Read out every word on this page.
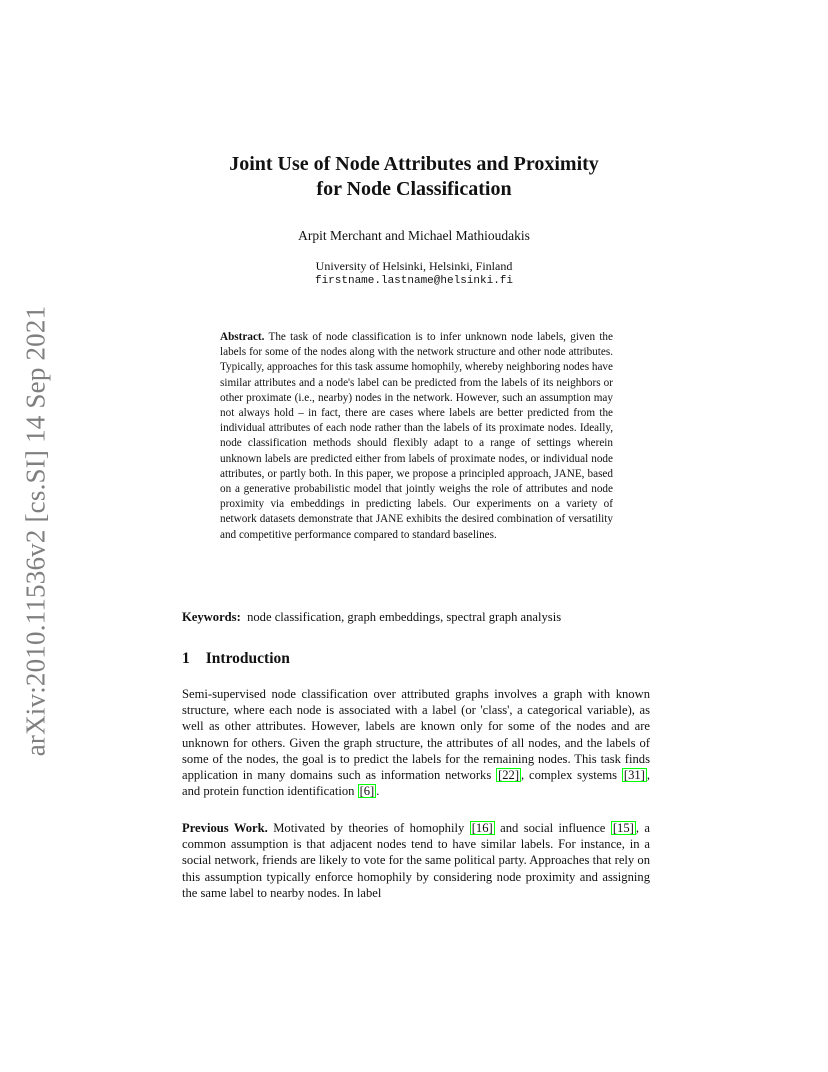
arXiv:2010.11536v2 [cs.SI] 14 Sep 2021
Joint Use of Node Attributes and Proximity
for Node Classification
Arpit Merchant and Michael Mathioudakis
University of Helsinki, Helsinki, Finland
firstname.lastname@helsinki.fi
Abstract. The task of node classification is to infer unknown node labels, given the labels for some of the nodes along with the network structure and other node attributes. Typically, approaches for this task assume homophily, whereby neighboring nodes have similar attributes and a node's label can be predicted from the labels of its neighbors or other proximate (i.e., nearby) nodes in the network. However, such an assumption may not always hold – in fact, there are cases where labels are better predicted from the individual attributes of each node rather than the labels of its proximate nodes. Ideally, node classification methods should flexibly adapt to a range of settings wherein unknown labels are predicted either from labels of proximate nodes, or individual node attributes, or partly both. In this paper, we propose a principled approach, JANE, based on a generative probabilistic model that jointly weighs the role of attributes and node proximity via embeddings in predicting labels. Our experiments on a variety of network datasets demonstrate that JANE exhibits the desired combination of versatility and competitive performance compared to standard baselines.
Keywords: node classification, graph embeddings, spectral graph analysis
1 Introduction
Semi-supervised node classification over attributed graphs involves a graph with known structure, where each node is associated with a label (or 'class', a categorical variable), as well as other attributes. However, labels are known only for some of the nodes and are unknown for others. Given the graph structure, the attributes of all nodes, and the labels of some of the nodes, the goal is to predict the labels for the remaining nodes. This task finds application in many domains such as information networks [22] , complex systems [31] , and protein function identification [6] .
Previous Work. Motivated by theories of homophily [16] and social influence [15] , a common assumption is that adjacent nodes tend to have similar labels. For instance, in a social network, friends are likely to vote for the same political party. Approaches that rely on this assumption typically enforce homophily by considering node proximity and assigning the same label to nearby nodes. In label
